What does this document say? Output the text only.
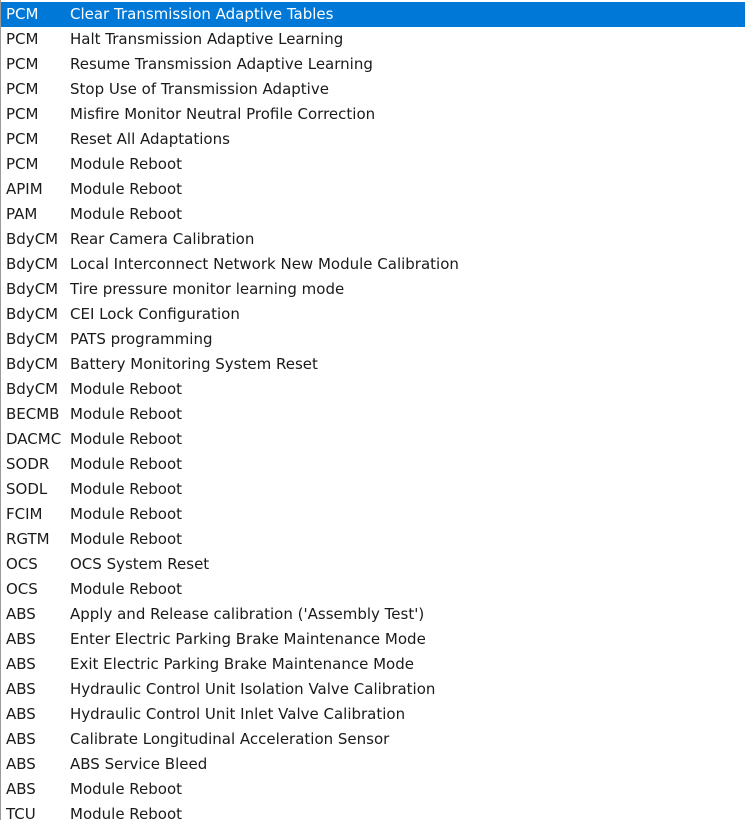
PCM	Clear Transmission Adaptive Tables
PCM	Halt Transmission Adaptive Learning
PCM	Resume Transmission Adaptive Learning
PCM	Stop Use of Transmission Adaptive
PCM	Misfire Monitor Neutral Profile Correction
PCM	Reset All Adaptations
PCM	Module Reboot
APIM	Module Reboot
PAM	Module Reboot
BdyCM Rear Camera Calibration
BdyCM Local Interconnect Network New Module Calibration
BdyCM Tire pressure monitor learning mode
BdyCM CEI Lock Configuration
BdyCM PATS programming
BdyCM Battery Monitoring System Reset
BdyCM Module Reboot
BECMB Module Reboot
DACMC Module Reboot
SODR	Module Reboot
SODL	Module Reboot
FCIM	Module Reboot
RGTM	Module Reboot
OCS	OCS System Reset
OCS	Module Reboot
ABS	Apply and Release calibration ('Assembly Test')
ABS	Enter Electric Parking Brake Maintenance Mode
ABS	Exit Electric Parking Brake Maintenance Mode
ABS	Hydraulic Control Unit Isolation Valve Calibration
ABS	Hydraulic Control Unit Inlet Valve Calibration
ABS	Calibrate Longitudinal Acceleration Sensor
ABS	ABS Service Bleed
ABS	Module Reboot
TCU	Module Reboot
